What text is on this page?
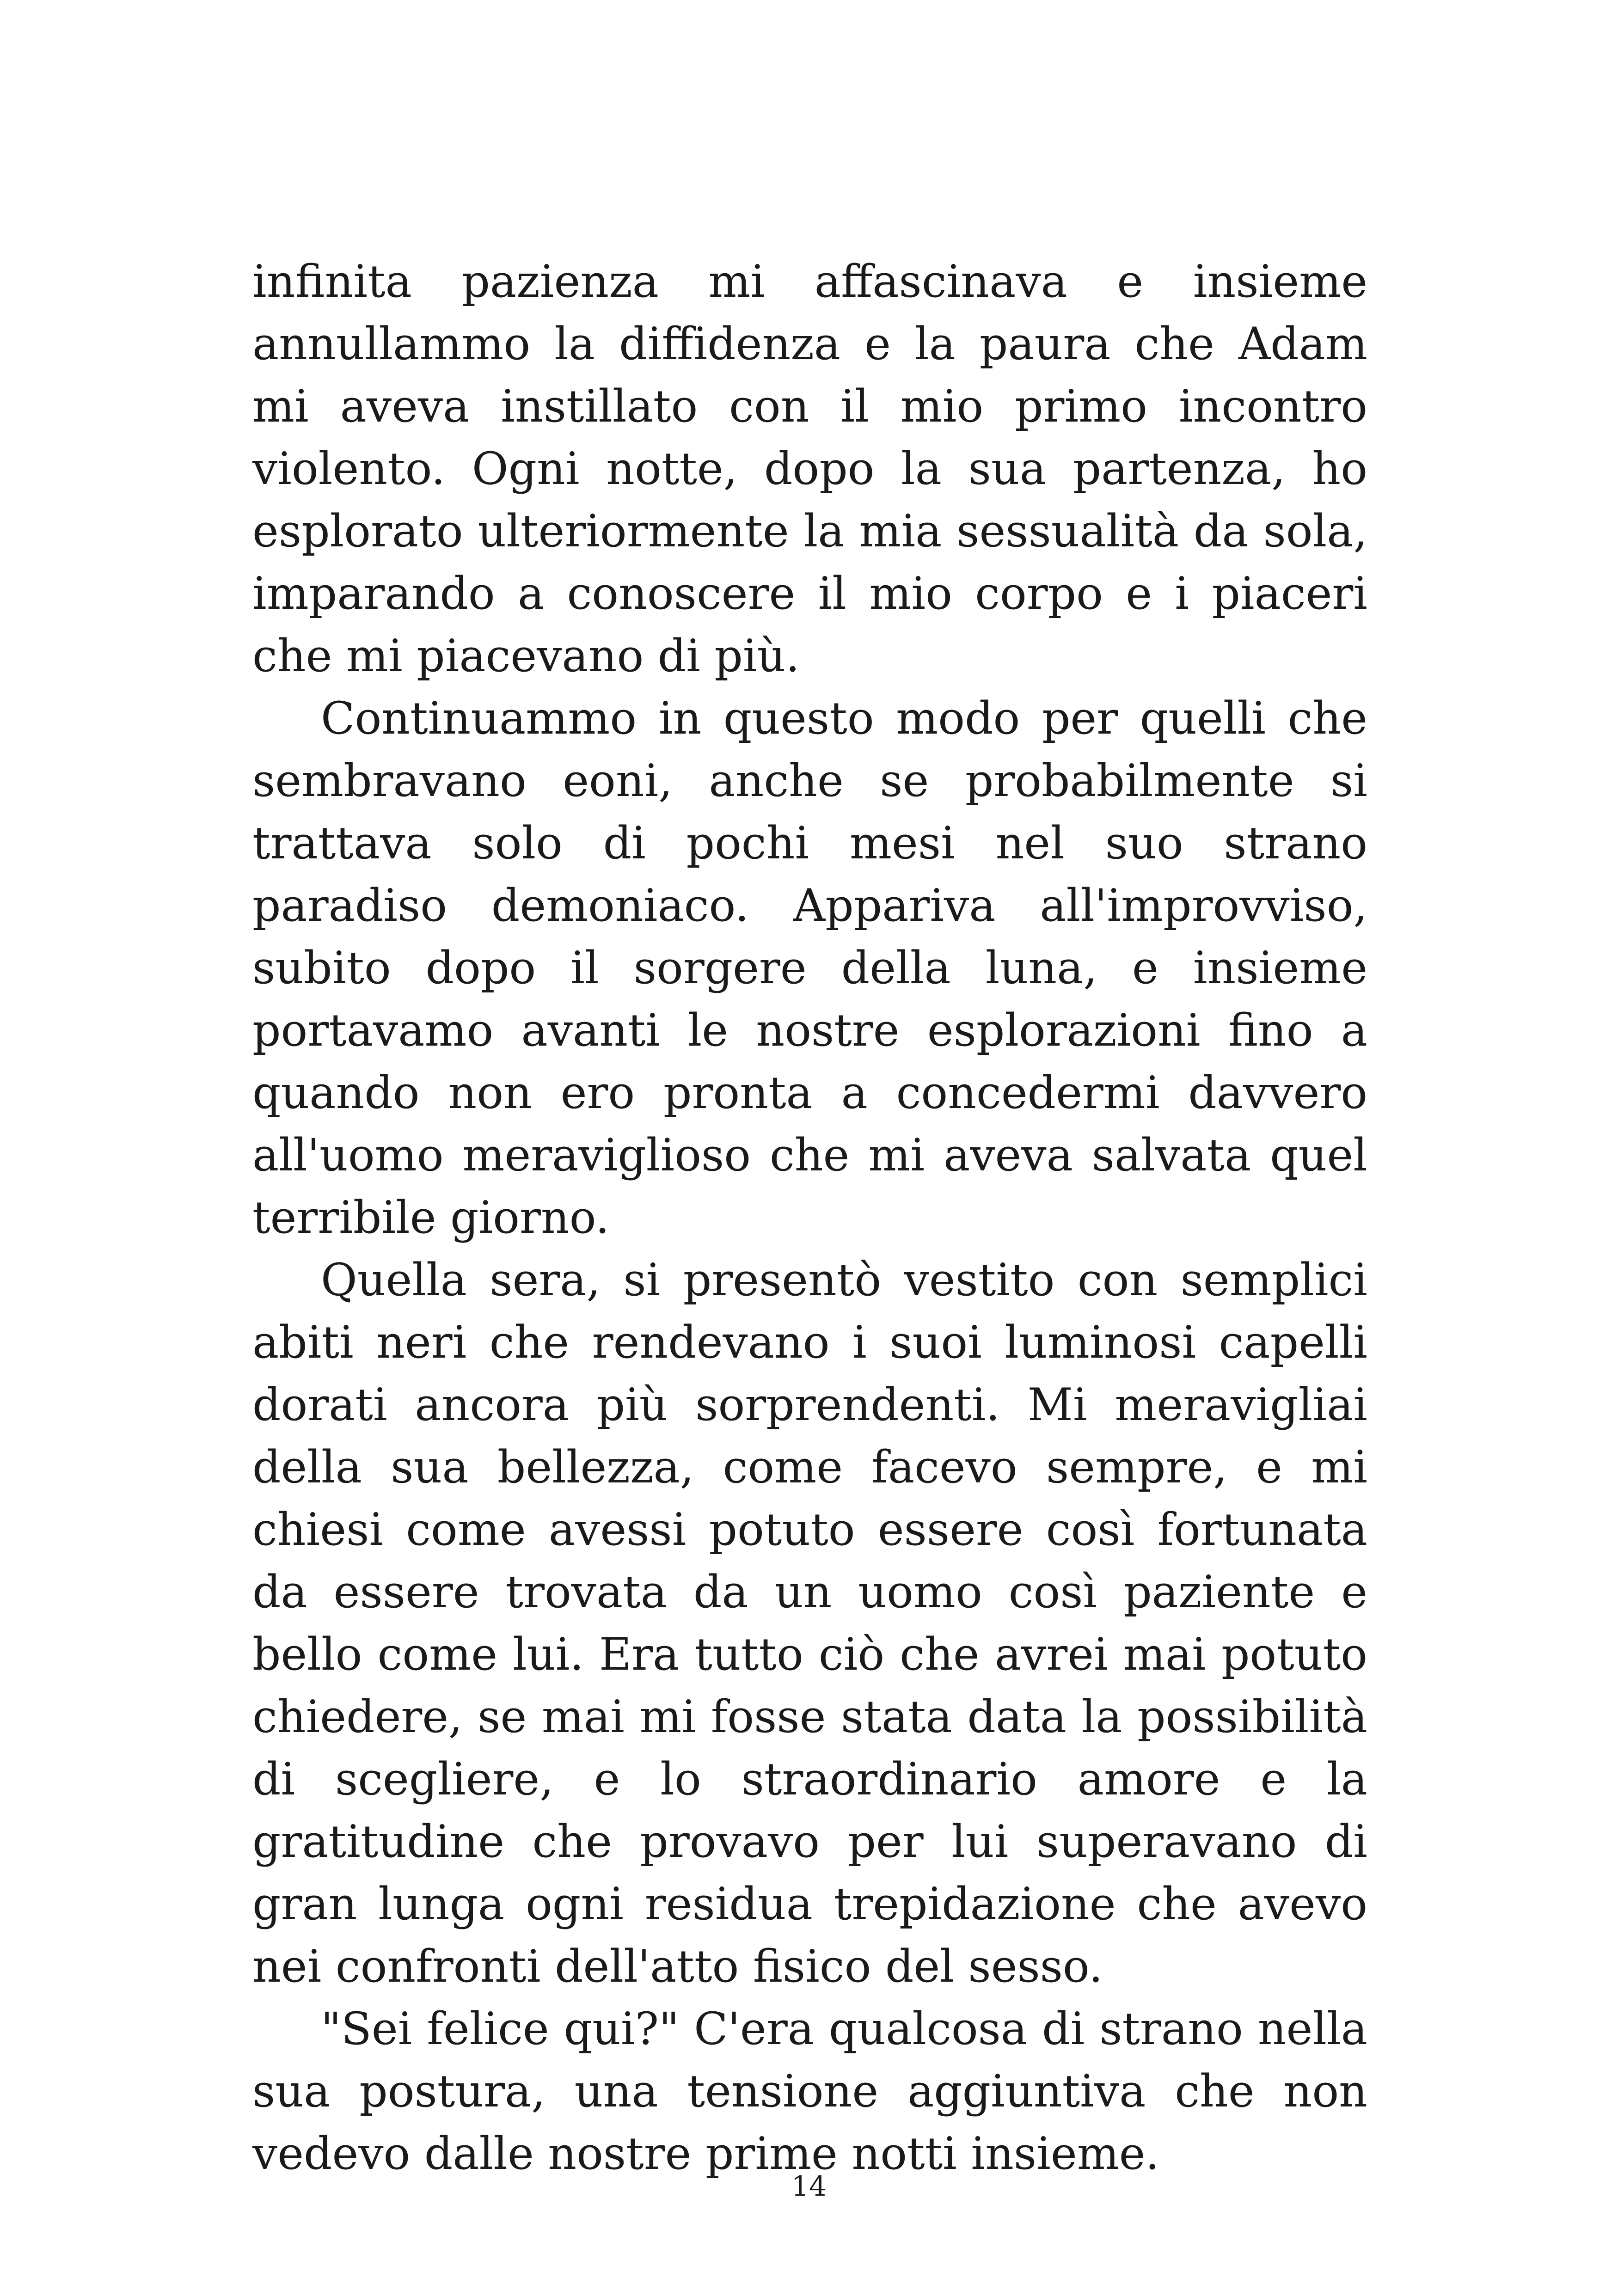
infinita pazienza mi affascinava e insieme annullammo la diffidenza e la paura che Adam mi aveva instillato con il mio primo incontro violento. Ogni notte, dopo la sua partenza, ho esplorato ulteriormente la mia sessualità da sola, imparando a conoscere il mio corpo e i piaceri che mi piacevano di più.

Continuammo in questo modo per quelli che sembravano eoni, anche se probabilmente si trattava solo di pochi mesi nel suo strano paradiso demoniaco. Appariva all'improvviso, subito dopo il sorgere della luna, e insieme portavamo avanti le nostre esplorazioni fino a quando non ero pronta a concedermi davvero all'uomo meraviglioso che mi aveva salvata quel terribile giorno.

Quella sera, si presentò vestito con semplici abiti neri che rendevano i suoi luminosi capelli dorati ancora più sorprendenti. Mi meravigliai della sua bellezza, come facevo sempre, e mi chiesi come avessi potuto essere così fortunata da essere trovata da un uomo così paziente e bello come lui. Era tutto ciò che avrei mai potuto chiedere, se mai mi fosse stata data la possibilità di scegliere, e lo straordinario amore e la gratitudine che provavo per lui superavano di gran lunga ogni residua trepidazione che avevo nei confronti dell'atto fisico del sesso.

"Sei felice qui?" C'era qualcosa di strano nella sua postura, una tensione aggiuntiva che non vedevo dalle nostre prime notti insieme.

14
